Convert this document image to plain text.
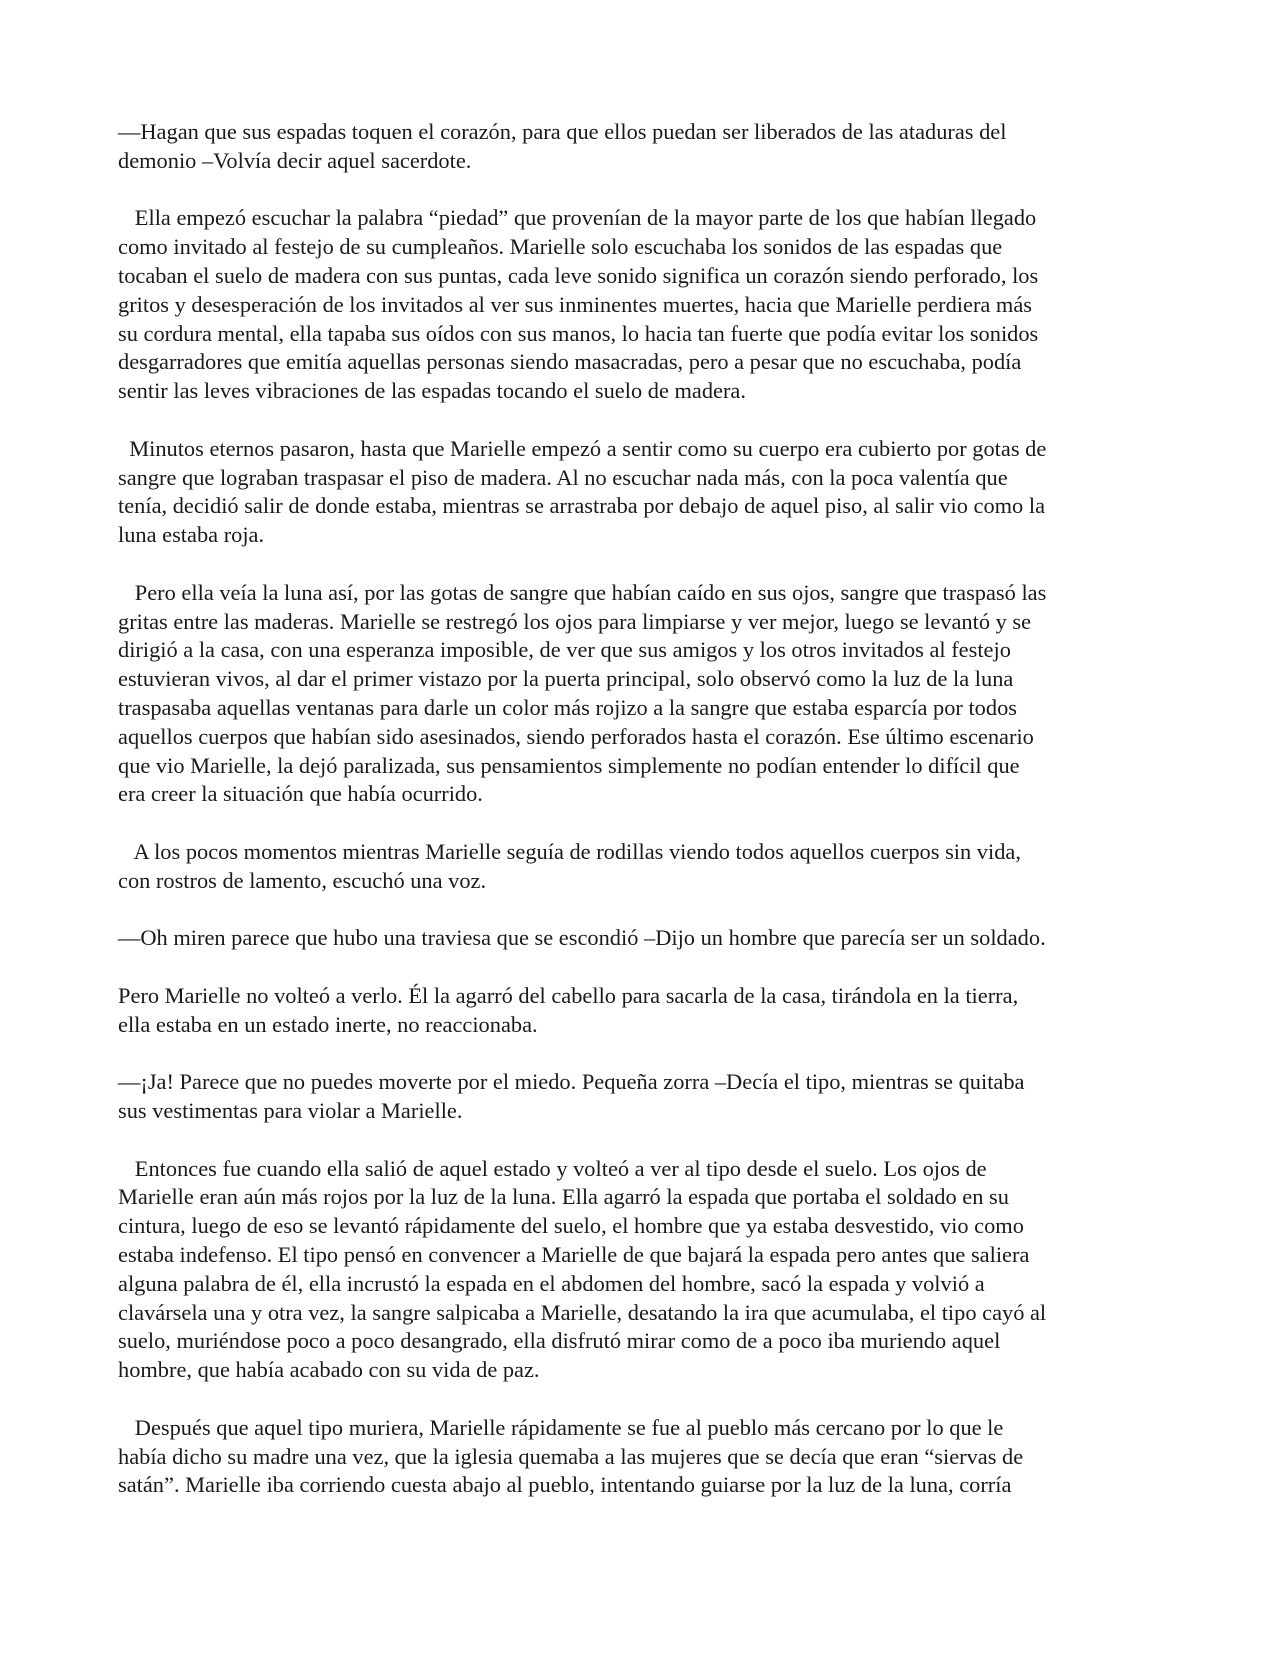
—Hagan que sus espadas toquen el corazón, para que ellos puedan ser liberados de las ataduras del
demonio –Volvía decir aquel sacerdote.

Ella empezó escuchar la palabra “piedad” que provenían de la mayor parte de los que habían llegado
como invitado al festejo de su cumpleaños. Marielle solo escuchaba los sonidos de las espadas que
tocaban el suelo de madera con sus puntas, cada leve sonido significa un corazón siendo perforado, los
gritos y desesperación de los invitados al ver sus inminentes muertes, hacia que Marielle perdiera más
su cordura mental, ella tapaba sus oídos con sus manos, lo hacia tan fuerte que podía evitar los sonidos
desgarradores que emitía aquellas personas siendo masacradas, pero a pesar que no escuchaba, podía
sentir las leves vibraciones de las espadas tocando el suelo de madera.

Minutos eternos pasaron, hasta que Marielle empezó a sentir como su cuerpo era cubierto por gotas de
sangre que lograban traspasar el piso de madera. Al no escuchar nada más, con la poca valentía que
tenía, decidió salir de donde estaba, mientras se arrastraba por debajo de aquel piso, al salir vio como la
luna estaba roja.

Pero ella veía la luna así, por las gotas de sangre que habían caído en sus ojos, sangre que traspasó las
gritas entre las maderas. Marielle se restregó los ojos para limpiarse y ver mejor, luego se levantó y se
dirigió a la casa, con una esperanza imposible, de ver que sus amigos y los otros invitados al festejo
estuvieran vivos, al dar el primer vistazo por la puerta principal, solo observó como la luz de la luna
traspasaba aquellas ventanas para darle un color más rojizo a la sangre que estaba esparcía por todos
aquellos cuerpos que habían sido asesinados, siendo perforados hasta el corazón. Ese último escenario
que vio Marielle, la dejó paralizada, sus pensamientos simplemente no podían entender lo difícil que
era creer la situación que había ocurrido.

A los pocos momentos mientras Marielle seguía de rodillas viendo todos aquellos cuerpos sin vida,
con rostros de lamento, escuchó una voz.

—Oh miren parece que hubo una traviesa que se escondió –Dijo un hombre que parecía ser un soldado.

Pero Marielle no volteó a verlo. Él la agarró del cabello para sacarla de la casa, tirándola en la tierra,
ella estaba en un estado inerte, no reaccionaba.

—¡Ja! Parece que no puedes moverte por el miedo. Pequeña zorra –Decía el tipo, mientras se quitaba
sus vestimentas para violar a Marielle.

Entonces fue cuando ella salió de aquel estado y volteó a ver al tipo desde el suelo. Los ojos de
Marielle eran aún más rojos por la luz de la luna. Ella agarró la espada que portaba el soldado en su
cintura, luego de eso se levantó rápidamente del suelo, el hombre que ya estaba desvestido, vio como
estaba indefenso. El tipo pensó en convencer a Marielle de que bajará la espada pero antes que saliera
alguna palabra de él, ella incrustó la espada en el abdomen del hombre, sacó la espada y volvió a
clavársela una y otra vez, la sangre salpicaba a Marielle, desatando la ira que acumulaba, el tipo cayó al
suelo, muriéndose poco a poco desangrado, ella disfrutó mirar como de a poco iba muriendo aquel
hombre, que había acabado con su vida de paz.

Después que aquel tipo muriera, Marielle rápidamente se fue al pueblo más cercano por lo que le
había dicho su madre una vez, que la iglesia quemaba a las mujeres que se decía que eran “siervas de
satán”. Marielle iba corriendo cuesta abajo al pueblo, intentando guiarse por la luz de la luna, corría
